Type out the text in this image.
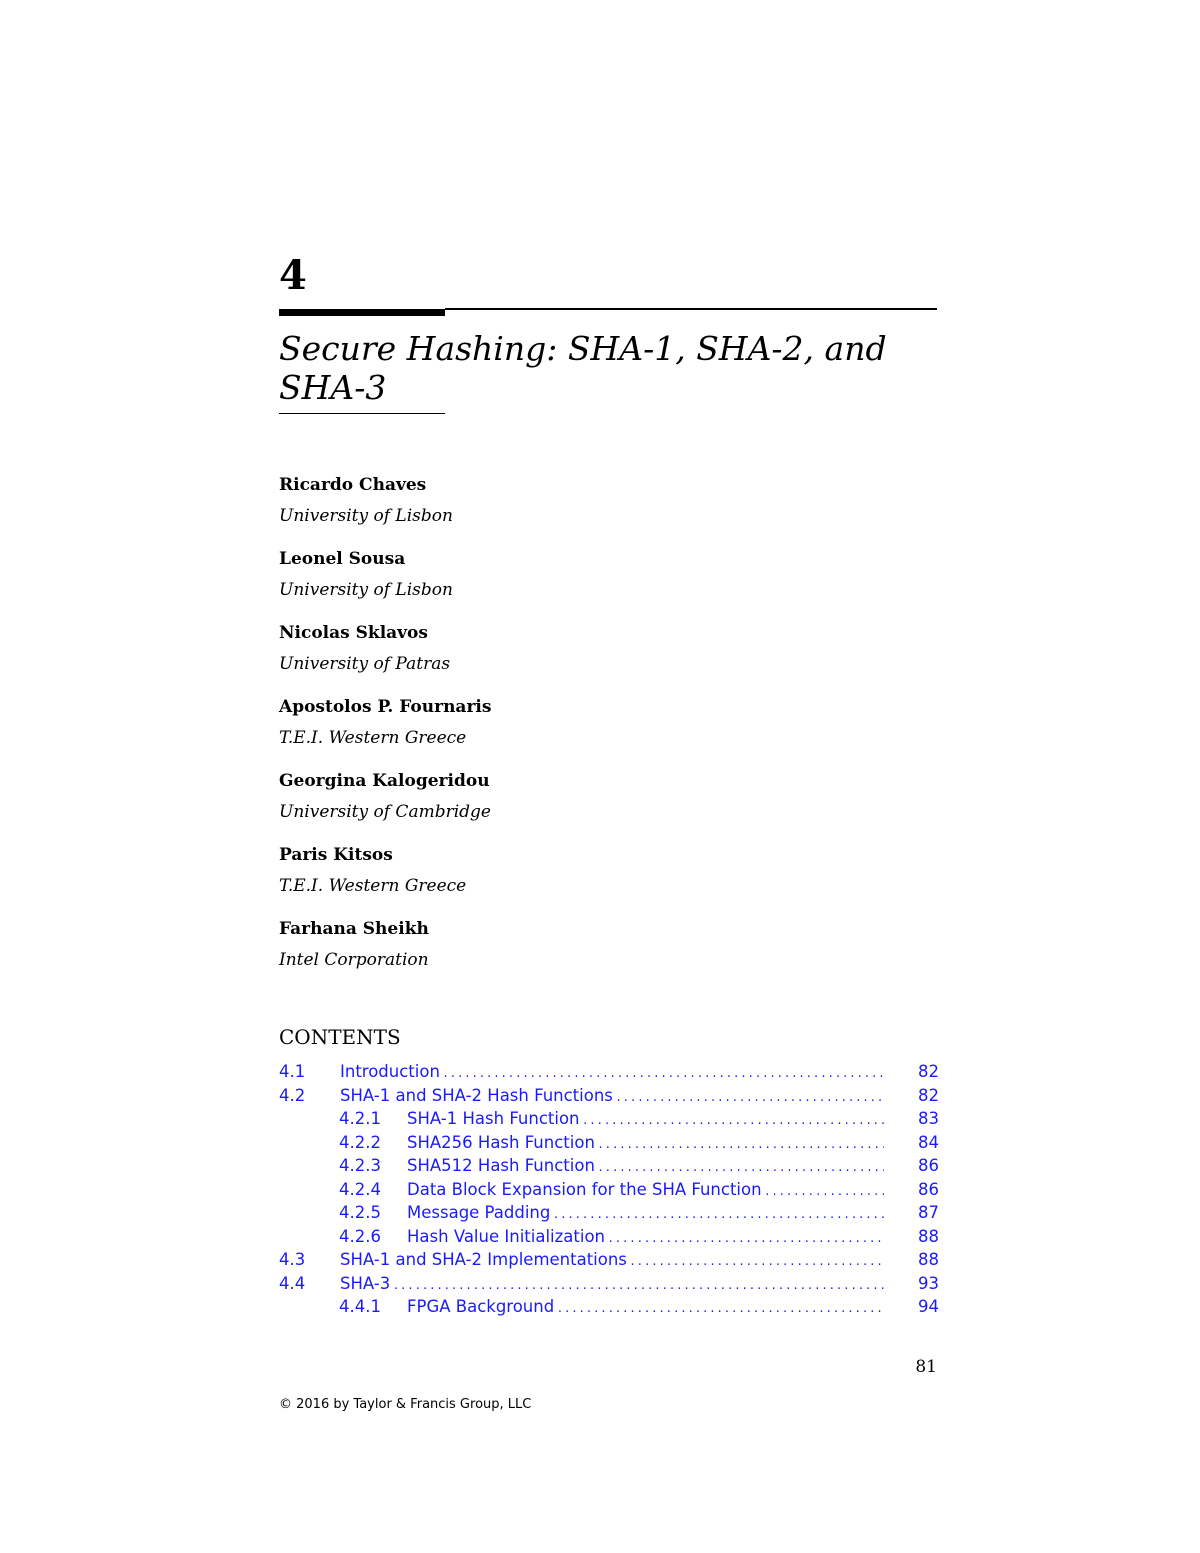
4
Secure Hashing: SHA-1, SHA-2, and SHA-3
Ricardo Chaves
University of Lisbon
Leonel Sousa
University of Lisbon
Nicolas Sklavos
University of Patras
Apostolos P. Fournaris
T.E.I. Western Greece
Georgina Kalogeridou
University of Cambridge
Paris Kitsos
T.E.I. Western Greece
Farhana Sheikh
Intel Corporation
CONTENTS
4.1 Introduction . . .	82
4.2 SHA-1 and SHA-2 Hash Functions . . .	82
4.2.1 SHA-1 Hash Function . . .	83
4.2.2 SHA256 Hash Function . . .	84
4.2.3 SHA512 Hash Function . . .	86
4.2.4 Data Block Expansion for the SHA Function . . .	86
4.2.5 Message Padding . . .	87
4.2.6 Hash Value Initialization . . .	88
4.3 SHA-1 and SHA-2 Implementations . . .	88
4.4 SHA-3 . . .	93
4.4.1 FPGA Background . . .	94
81
© 2016 by Taylor & Francis Group, LLC
